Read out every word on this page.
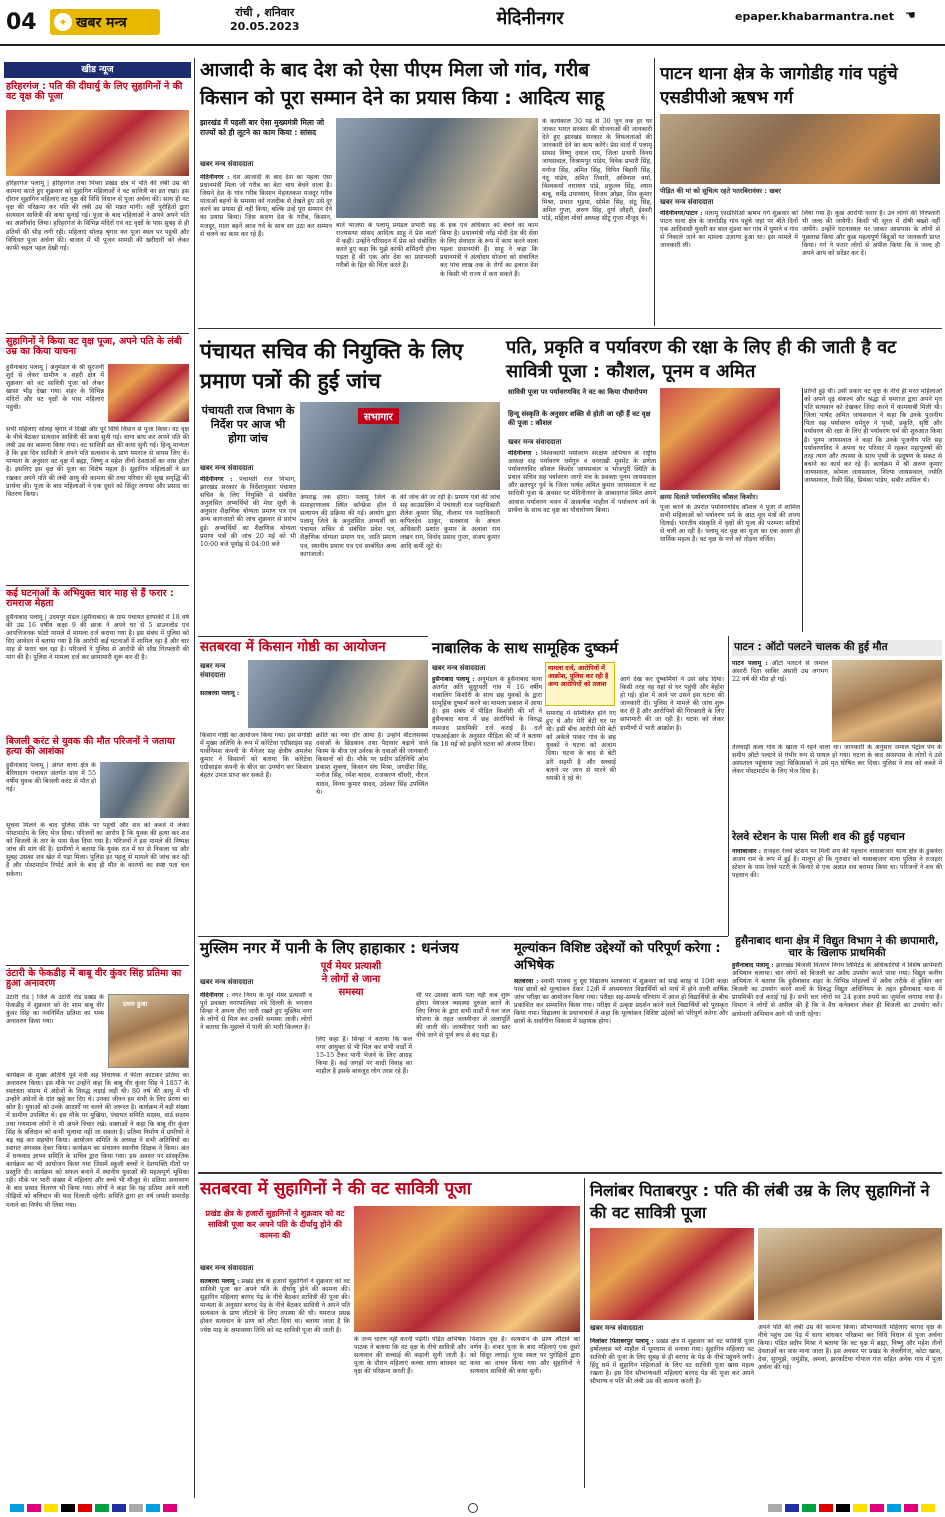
04	✦ खबर मन्त्र
रांची , शनिवार
20.05.2023	मेदिनीनगर	epaper.khabarmantra.net ☚
खीड न्यूज
हरिहरगंज : पति की दीघार्यु के लिए सुहागिनों ने की वट वृक्ष की पूजा
हरिहरगंज पलामू | हरिहरगंज तथा पिपरा प्रखंड क्षेत्र में पति की लंबी उम्र की कामना करते हुए शुक्रवार को सुहागिन महिलाओं ने वट सावित्री का व्रत रखा। इस दौरान सुहागिन महिलाएं वट वृक्ष की विधि विधान से पूजा अर्चना की। साथ ही वट वृक्ष की परिक्रमा कर पति की लंबी उम्र की मन्नत मांगी। वहीं पुरोहितों द्वारा सत्यवान सावित्री की कथा सुनाई गई। पूजा के बाद महिलाओं ने अपने अपने पति का आशीर्वाद लिया। हरिहरगंज के विभिन्न मंदिरों एवं वट वृक्षों के पास सुबह से ही व्रतियों की भीड़ लगी रही। महिलाएं सोलह श्रृंगार कर पूजा स्थल पर पहुंची और विधिवत पूजा अर्चना की। बाजार में भी पूजन सामग्री की खरीदारी को लेकर काफी चहल पहल देखी गई।
सुहागिनों ने किया वट वृक्ष पूजा, अपने पति के लंबी उम्र का किया याचना
हुसैनाबाद पलामू | अनुमंडल के श्री सूरजनी शुर्द से लेकर ग्रामीण व शहरी क्षेत्र में शुक्रवार को वट सावित्री पूजा को लेकर खासा भीड़ देखा गया। शहर के विभिन्न मंदिरों और वट वृक्षों के पास महिलाएं पहुंची।
सभी महिलाएं सोलह श्रृंगार में दिखीं और पूरे विधि विधान से पूजा किया। वट वृक्ष के नीचे बैठकर सत्यवान सावित्री की कथा सुनी गई। धागा बांध कर अपने पति की लंबी उम्र का कामना किया गया। वट सावित्री व्रत की कथा सुनी गई। हिन्दू मान्यता है कि इस दिन सावित्री ने अपने पति सत्यवान के प्राण यमराज से वापस लिए थे। मान्यता के अनुसार वट वृक्ष में ब्रह्मा, विष्णु व महेश तीनों देवताओं का वास होता है। इसलिए इस वृक्ष की पूजा का विशेष महत्व है। सुहागिन महिलाओं ने व्रत रखकर अपने पति की लंबी आयु की कामना की तथा परिवार की सुख समृद्धि की प्रार्थना की। पूजा के बाद महिलाओं ने एक दूसरे को सिंदूर लगाया और प्रसाद का वितरण किया।
कई घटनाओं के अभियुक्त चार माह से हैं फरार : रामराज मेहता
हुसैनाबाद पलामू | उदयपुर मंडल (हुसैनाबाद) के ग्राम पंचायत हरपाकी में 18 वर्ष की उम्र 16 वर्षीय कक्षा 9 की छात्रा ने अपने घर से 5 डाउनलोड एवं आपत्तिजनक फोटो मामले में मामला दर्ज कराया गया है। इस संबंध में पुलिस को दिए आवेदन में बताया गया है कि आरोपी कई घटनाओं में शामिल रहा है और चार माह से फरार चल रहा है। परिजनों ने पुलिस से आरोपी की शीघ्र गिरफ्तारी की मांग की है। पुलिस ने मामला दर्ज कर छापामारी शुरू कर दी है।
बिजली करंट से युवक की मौत परिजनों ने जताया हत्या की आशंका
हुसैनाबाद पलामू | अंगत थाना क्षेत्र के बैरियादाग पंचायत अंतर्गत ग्राम में 55 वर्षीय युवक की बिजली करंट से मौत हो गई।
सूचना मिलने के बाद पुलिस मौके पर पहुंची और शव को कब्जे में लेकर पोस्टमार्टम के लिए भेज दिया। परिजनों का आरोप है कि युवक की हत्या कर शव को बिजली के तार के पास फेंक दिया गया है। परिजनों ने इस मामले की निष्पक्ष जांच की मांग की है। ग्रामीणों ने बताया कि युवक रात में घर से निकला था और सुबह उसका शव खेत में पड़ा मिला। पुलिस हर पहलू से मामले की जांच कर रही है और पोस्टमार्टम रिपोर्ट आने के बाद ही मौत के कारणों का स्पष्ट पता चल सकेगा।
उंटारी के फेकडीह में बाबू वीर कुंवर सिंह प्रतिमा का हुआ अनावरण
उंटारी रोड | जिले के उंटारी रोड प्रखंड के फेकडीह में शुक्रवार को देर शाम बाबू वीर कुंवर सिंह का नवनिर्मित प्रतिमा का भव्य अनावरण किया गया।
प्रथम हुआ
कार्यक्रम के मुख्य अतिथि पूर्व मंत्री सह विधायक ने फीता काटकर प्रतिमा का अनावरण किया। इस मौके पर उन्होंने कहा कि बाबू वीर कुंवर सिंह ने 1857 के स्वतंत्रता संग्राम में अंग्रेजों के विरुद्ध लड़ाई लड़ी थी। 80 वर्ष की आयु में भी उन्होंने अंग्रेजों के दांत खट्टे कर दिए थे। उनका जीवन हम सभी के लिए प्रेरणा का स्रोत है। युवाओं को उनके आदर्शों पर चलने की जरूरत है। कार्यक्रम में बड़ी संख्या में ग्रामीण उपस्थित थे। इस मौके पर मुखिया, पंचायत समिति सदस्य, वार्ड सदस्य तथा गणमान्य लोगों ने भी अपने विचार रखे। वक्ताओं ने कहा कि बाबू वीर कुंवर सिंह के बलिदान को कभी भुलाया नहीं जा सकता है। प्रतिमा निर्माण में ग्रामीणों ने बढ़ चढ़ कर सहयोग किया। आयोजन समिति के अध्यक्ष ने सभी अतिथियों का स्वागत अंगवस्त्र देकर किया। कार्यक्रम का संचालन स्थानीय शिक्षक ने किया। अंत में धन्यवाद ज्ञापन समिति के सचिव द्वारा किया गया। इस अवसर पर सांस्कृतिक कार्यक्रम का भी आयोजन किया गया जिसमें स्कूली बच्चों ने देशभक्ति गीतों पर प्रस्तुति दी। कार्यक्रम को सफल बनाने में स्थानीय युवाओं की महत्वपूर्ण भूमिका रही। मौके पर भारी संख्या में महिलाएं और बच्चे भी मौजूद थे। प्रतिमा अनावरण के बाद प्रसाद वितरण भी किया गया। लोगों ने कहा कि यह प्रतिमा आने वाली पीढ़ियों को बलिदान की याद दिलाती रहेगी। समिति द्वारा हर वर्ष जयंती समारोह मनाने का निर्णय भी लिया गया।
आजादी के बाद देश को ऐसा पीएम मिला जो गांव, गरीब
किसान को पूरा सम्मान देने का प्रयास किया : आदित्य साहू
झारखंड में पहली बार ऐसा मुख्यमंत्री मिला जो राज्यों को ही लूटने का काम किया : सांसद
खबर मन्त्र संवाददाता
मेदिनीनगर : देश आजादी के बाद देश का पहला ऐसा प्रधानमंत्री मिला जो गरीब का बेटा चाय बेचने वाला है। जिसने देश के गांव गरीब किसान मेहनतकश मजदूर गरीब माताओं बहनों के समस्या को नजदीक से देखते हुए उसे दूर करने का प्रयास ही नहीं किया, बल्कि उन्हें पूरा सम्मान देने का प्रयास किया। जिस कारण देश के गरीब, किसान, मजदूर, माता बहनें आज गर्व के साथ सर उठा कर सम्मान से चलने का काम कर रहे हैं।
बातें भाजपा के पलामू प्रमंडल प्रभारी सह राज्यसभा सांसद आदित्य साहू ने प्रेस वार्ता में कही। उन्होंने परिसदन में प्रेस को संबोधित करते हुए कहा कि मुझे काफी शर्मिंदगी होना पड़ता है की एक ओर देश का प्रधानमंत्री गरीबों के हित की चिंता करते हैं।
के हक एवं अधिकार को बेचने का काम किया है। प्रधानमंत्री नरेंद्र मोदी देश की सेवा के लिए सेवादार के रूप में काम करने वाला पहला प्रधानमंत्री हैं। साहू ने कहा कि प्रधानमंत्री ने अंत्योदय योजना को संचालित कर पांच लाख तक के रोगों का इलाज देश के किसी भी राज्य में करा सकते हैं।
के कार्यकाल 30 मई से 30 जून तक हर घर जाकर भारत सरकार की योजनाओं की जानकारी देते हुए झारखंड सरकार के विफलताओं की जानकारी देने का काम करेंगे। प्रेस वार्ता में पलामू सांसद विष्णु दयाल राम, जिला प्रभारी विनय जायसवाल, विश्रामपुर पांडेय, विवेक प्रभारी सिंह, मनोज सिंह, अमित सिंह, विपिन बिहारी सिंह, नंदू पांडेय, अमित तिवारी, अविनाश वर्मा, विश्वकर्मा नारायण पांडे, प्रफुल्ल सिंह, श्याम बाबू, धर्मेंद्र उपाध्याय, विजय ओझा, शिव कुमार मिश्रा, प्रभात भुइया, सोमेश सिंह, संटू सिंह, अमित गुप्ता, अरुण सिंह, दुर्गा जौहरी, ईश्वरी पांडे, महिला मोर्चा अध्यक्ष सीटू गुप्ता मौजूद थे।
पाटन थाना क्षेत्र के जागोडीह गांव पहुंचे एसडीपीओ ऋषभ गर्ग
पीड़ित की मां को सूचित्य रहते पतरबिरावंवर : खबर
खबर मन्त्र संवाददाता
मेदिनीनगर/पाटन : पलामू एसडीपीओ ऋषभ गर्ग शुक्रवार को पाटन थाना क्षेत्र के जागोडीह गांव पहुंचे जहां पर बीते दिनों एक आदिवासी युवती का बाल मुंडवा कर गांव में घुमाने व गांव से निकाले जाने का मामला उजागर हुआ था। इस मामले में जानकारी ली।
लिया गया है। कुछ आरोपी फरार है। उन लोगों की गिरफ्तारी भी जल्द की जायेगी। किसी भी सूरत में दोषी बख्शे नहीं जायेंगे। उन्होंने घटनास्थल पर जाकर आसपास के लोगों से पूछताछ किया और कुछ महत्वपूर्ण बिंदुओं पर जानकारी प्राप्त किया। गर्ग ने फरार लोगों से अपील किया कि वे जल्द ही अपने आप को सरेंडर कर दें।
पंचायत सचिव की नियुक्ति के लिए प्रमाण पत्रों की हुई जांच
पंचायती राज विभाग के निर्देश पर आज भी होगा जांच
सभागार
खबर मन्त्र संवाददाता
मेदिनीनगर : पंचायती राज विभाग, झारखंड सरकार के निर्देशानुसार पंचायत सचिव के लिए नियुक्ति से संबंधित अनुशंसित अभ्यर्थियों की मेधा सूची के अनुसार शैक्षणिक योग्यता प्रमाण पत्र एवं अन्य कागजातों की जांच शुक्रवार से प्रारंभ हुई। अभ्यर्थियों का शैक्षणिक योग्यता प्रमाण पत्रों की जांच 20 मई को भी 10:00 बजे पूर्वाह्न से 04:00 बजे
अपराह्न तक होगा। पलामू जिले के समाहरणालय स्थित कॉन्फ्रेंस हॉल में सत्यापन की प्रक्रिया की गई। आयोग द्वारा पलामू जिले के अनुशंसित अभ्यर्थी का पंचायत सचिव से संबंधित प्रवेश पत्र, शैक्षणिक योग्यता प्रमाण पत्र, जाति प्रमाण पत्र, स्थानीय प्रमाण पत्र एवं सम्बंधित अन्य कागजातों।
की जांच की जा रही है। प्रमाण पत्रों की जांच सह काउंसलिंग में पंचायती राज पदाधिकारी शैलेश कुमार सिंह, नीलाम पत्र पदाधिकारी कपिलदेव ठाकुर, सतबरवा के अंचल अधिकारी प्रशांत कुमार के अलावा राम लखन राम, विनोद प्रसाद गुप्ता, संजय कुमार आदि कर्मी जुटे थे।
पति, प्रकृति व पर्यावरण की रक्षा के लिए ही की जाती है वट सावित्री पूजा : कौशल, पूनम व अमित
सावित्री पूजा पर पर्यावरणविद ने वट का किया पौधारोपण
हिन्दू संस्कृति के अनुसार शक्ति से होती जा रही हैं वट वृक्ष की पूजा : कौशल
छाया दिलाते पर्यावरणविद कौशल किशोर।
खबर मन्त्र संवाददाता
मेदिनीनगर : विश्वव्यापी पर्यावरण संरक्षण अभियान के राष्ट्रीय अध्यक्ष सह पर्यावरण धर्मगुरु व वनराखी मूवमेंट के प्रणेता पर्यावरणविद कौशल किशोर जायसवाल व भोजपुरी स्थिति के प्रधान सचिव सह पर्यावरण जागो मंच के प्रवक्ता पूनम जायसवाल और छतरपुर पूर्व के जिला पार्षद अमित कुमार जायसवाल ने वट सावित्री पूजा के अवसर पर मेदिनीनगर के आबादगंज स्थित अपने आवास पर्यावरण भवन में आकर्षक माहौल में पर्यावरण धर्म के प्रार्थना के साथ वट वृक्ष का पौधारोपण किया।	पूजा करने के उपरांत पर्यावरणविद कौशल ने पूजा में शामिल सभी महिलाओं को पर्यावरण धर्म के आठ मूल मंत्रों की शपथ दिलाई। भारतीय संस्कृति में वृक्षों की पूजा की परम्परा सदियों से चली आ रही है। पलामू वट वृक्ष का पूजा का एक अलग ही धार्मिक महत्व है। वट वृक्ष के पत्ते को तोड़ना वर्जित।
प्राप्ति हुई थी। उसी प्रकार वट वृक्ष के नीचे ही मरत महिलाओं को अपने दृढ़ संकल्प और श्रद्धा से यमराज द्वारा अपने मृत पति सत्यवान को देखकर जिंदा करने में कामयाबी मिली थी। जिला पार्षद अमित जायसवाल ने कहा कि उनके पूजनीय पिता सह पर्यावरण धर्मगुरु ने पृथ्वी, प्रकृति, सृष्टि और पर्यावरण की रक्षा के लिए ही पर्यावरण धर्म की शुरुआत किया है। पूनम जायसवाल ने कहा कि उनके पूजनीय पति सह पर्यावरणविद ने अपना घर परिवार में रहकर महापुरुषों की तरह त्याग और तपस्या के साथ पृथ्वी के प्रदूषण के संकट से बचाने का कार्य कर रहे हैं। कार्यक्रम में श्री अरुण कुमार जायसवाल, कोमल जायसवाल, शिल्पा जायसवाल, ज्योति जायसवाल, रिकी सिंह, प्रियंका पांडेय, सबीर शामिल थे।
सतबरवा में किसान गोष्ठी का आयोजन
खबर मन्त्र संवाददाता
सतबरवा पलामू :
किसान गोष्ठी का आयोजन किया गया। इस संगोष्ठी में मुख्य अतिथि के रूप में कोरेटेवा एग्रीसाइंस सह पार्वनिमश कंपनी के मैनेजर सह क्षेत्रीय अमलेश कुमार ने किसानों को बताया कि कोरेटेवा एग्रीसाइंस कंपनी के बीज का उपयोग कर किसान बेहतर उपज प्राप्त कर सकते हैं।
क्रांति का नया दौर आया है। उन्होंने बीटलसक्स दवाओं के छिड़काव तथा पैदावार बढ़ाने वाले किस्म के बीज एवं उर्वरक के दवाओं की जानकारी किसानों को दी। मौके पर प्रदीप प्रतिनिधि ओम प्रकाश शुक्ला, किसान संघ मिश्रा, जगदीश सिंह, मनोज सिंह, रमेश यादव, राजकरण चौधरी, नीरज यादव, विनय कुमार यादव, उदेश्वर सिंह उपस्थित थे।
नाबालिक के साथ सामूहिक दुष्कर्म
मामला दर्ज, आरोपियों में आक्रोश, पुलिस कर रही है अन्य आरोपियों को तलाश
खबर मन्त्र संवाददाता
हुसैनाबाद पलामू : अनुमंडल के हुसैनाबाद थाना अंतर्गत अति सुदूरवर्ती गांव में 16 वर्षीय नाबालिग किशोरी के साथ छह युवकों के द्वारा सामूहिक दुष्कर्म करने का मामला प्रकाश में आया है। इस संबंध में पीड़ित किशोरी की माँ ने हुसैनाबाद थाना में छह आरोपियों के विरुद्ध नामजद प्राथमिकी दर्ज कराई है। दर्ज एफआईआर के अनुसार पीड़िता की माँ ने बताया कि 18 मई को इन्होंने घटना को अंजाम दिया।
समारोह में सम्मिलित होने गए हुए थे और मेरी बेटी घर पर थी। इसी बीच आरोपी मेरी बेटी को अकेले पाकर गांव के छह युवकों ने घटना को अंजाम दिया। घटना के बाद से बेटी डरी सहमी है और सच्चाई बताने पर जान से मारने की धमकी दे रहे थे।
आगे देख कर दुष्कर्मियों ने उसे छोड़ दिया। किसी तरह वह वहां से घर पहुंची और बेहोश हो गई। होश में आने पर उसने इस घटना की जानकारी दी। पुलिस ने मामले की जांच शुरू कर दी है और आरोपियों की गिरफ्तारी के लिए छापामारी की जा रही है। घटना को लेकर ग्रामीणों में भारी आक्रोश है।
पाटन : ऑटो पलटने चालक की हुई मौत
पाटन पलामू : ऑटो पलटने से जमाल अंसारी पिता साबिर अंसारी उम्र लगभग 22 वर्ष की मौत हो गई।
तेलवाड़ी कला गांव के खाता में रहने वाला था। जानकारी के अनुसार जमाल पेट्रोल पंप के समीप ऑटो पलटने से गंभीर रूप से घायल हो गया। घटना के बाद आसपास के लोगों ने उसे अस्पताल पहुंचाया जहां चिकित्सकों ने उसे मृत घोषित कर दिया। पुलिस ने शव को कब्जे में लेकर पोस्टमार्टम के लिए भेज दिया है।
रेलवे स्टेशन के पास मिली शव की हुई पहचान
नावाबाजार : राजहरा रेलवे स्टेशन पर मिली शव की पहचान नावाबाजार थाना क्षेत्र के डुकवेरा अजय राम के रूप में हुई है। मालूम हो कि गुरुवार को नावाबाजार थाना पुलिस ने राजहरा स्टेशन के पास रेलवे पटरी के किनारे से एक अज्ञात शव बरामद किया था। परिजनों ने शव की पहचान की।
हुसैनाबाद थाना क्षेत्र में विद्युत विभाग ने की छापामारी, चार के खिलाफ प्राथमिकी
हुसैनाबाद पलामू : झारखंड बिजली वितरण निगम लिमिटेड के अधिकारियों ने विशेष छापेमारी अभियान चलाया। चार लोगों को बिजली का अवैध उपयोग करते पाया गया। विद्युत कनीय अभियंता ने बताया कि हुसैनाबाद शहर के विभिन्न मोहल्लों में अवैध तरीके से हुकिंग कर बिजली का उपयोग करने वालों के विरुद्ध विद्युत अधिनियम के तहत हुसैनाबाद थाना में प्राथमिकी दर्ज कराई गई है। सभी चार लोगों पर 24 हजार रुपये का जुर्माना लगाया गया है। विभाग ने लोगों से अपील की है कि वे वैध कनेक्शन लेकर ही बिजली का उपयोग करें। छापेमारी अभियान आगे भी जारी रहेगा।
मुस्लिम नगर में पानी के लिए हाहाकार : धनंजय
पूर्व मेयर प्रत्याशी ने लोगों से जाना समस्या
खबर मन्त्र संवाददाता
मेदिनीनगर : नगर निगम के पूर्व मेयर प्रत्याशी व पूर्व प्रवक्ता नगरपालिका नये दिल्ली के भगवान सिन्हा ने अपना दौरा जारी रखते हुए मुस्लिम नगर के लोगों से मिल कर उनकी समस्या जानी। लोगों ने बताया कि मुहल्ले में पानी की भारी किल्लत है।
लिए कहा है। सिन्हा ने बताया कि कल नगर आयुक्त से भी मिल कर सभी वार्डों में 15-15 टैंकर पानी भेजने के लिए आग्रह किया है। कई जगहों पर शादी विवाह का माहौल है इसके बावजूद लोग तरस रहे हैं।
थी पर उसका कार्य पता नहीं कब शुरू होगा। पेयजल व्यवस्था दुरुस्त करने के लिए निगम के द्वारा सभी वार्डों में नल जल योजना के तहत जलमीनार से जलापूर्ति की जाती थी। जलमीनार पानी का स्तर नीचे जाने से पूर्ण रूप से बंद पड़ा है।
मूल्यांकन विशिष्ट उद्देश्यों को परिपूर्ण करेगा : अभिषेक
सतबरवा : स्वामी पालस नु दूध विद्यालय सतबरवा में शुक्रवार को साढ़े बारह से 10वीं कक्षा पास छात्रों को मूल्यांकन देकर 12वीं में अध्ययनरत विद्यार्थियों को मार्च में होने वाली वार्षिक जांच परीक्षा का आयोजन किया गया। परीक्षा सह-सम्पर्क परिणाम में आज हो विद्यार्थियों के बीच प्रकाशित कर सम्मानित किया गया। परीक्षा में उत्कृष्ट प्रदर्शन करने वाले विद्यार्थियों को पुरस्कृत किया गया। विद्यालय के प्रधानाचार्य ने कहा कि मूल्यांकन विशिष्ट उद्देश्यों को परिपूर्ण करेगा और छात्रों के सर्वांगीण विकास में सहायक होगा।
सतबरवा में सुहागिनों ने की वट सावित्री पूजा
प्रखंड क्षेत्र के हजारों सुहागिनों ने शुक्रवार को वट सावित्री पूजा कर अपने पति के दीर्घायु होने की कामना की
खबर मन्त्र संवाददाता
सतबरवा पलामू : प्रखंड क्षेत्र के हजारों सुहागिनों ने शुक्रवार को वट सावित्री पूजा कर अपने पति के दीर्घायु होने की कामना की। सुहागिन महिलाएं बरगद पेड़ के नीचे बैठकर सावित्री की पूजा की। मान्यता के अनुसार बरगद पेड़ के नीचे बैठकर सावित्री ने अपने पति सत्यवान के प्राण लौटाने के लिए तपस्या की थी। यमराज प्रसन्न होकर सत्यवान के प्राण को लौटा दिया था। बताया जाता है कि ज्येष्ठ माह के अमावस्या तिथि को वट सावित्री पूजा की जाती है।
के जन्म धारण नहीं करनी पड़ेगी। पंडित अभिषेक पाठक ने बताया कि वट वृक्ष के नीचे सावित्री और सत्यवान की सच्चाई की कहानी सुनी जाती है। पूजा के दौरान महिलाएं कच्चा धागा बांधकर वट वृक्ष की परिक्रमा करती हैं।
विशाल वृक्ष है। सत्यवान के प्राण लौटाने का वर्णन है। शंकर पूजा के बाद महिलाएं एक दूसरे को सिंदूर लगाई। पूजा स्थल पर पुरोहितों द्वारा कथा का वाचन किया गया और सुहागिनों ने सत्यवान सावित्री की कथा सुनी।
निलांबर पिताबरपुर : पति की लंबी उम्र के लिए सुहागिनों ने की वट सावित्री पूजा
खबर मन्त्र संवाददाता
निलांबर पिताबरपुर पलामू : प्रखंड क्षेत्र में शुक्रवार को वट सावित्री पूजा हर्षोल्लास भरे माहौल में धूमधाम से मनाया गया। सुहागिन महिलाएं वट सावित्री की पूजा के लिए सुबह से ही बरगद के पेड़ के नीचे पहुंचने लगी। हिंदू धर्म में सुहागिन महिलाओं के लिए वट सावित्री पूजा खास महत्व रखता है। इस दिन सौभाग्यवती महिलाएं बरगद पेड़ की पूजा कर अपने सौभाग्य व पति की लंबी उम्र की कामना करती हैं।
अपने पति की लंबी उम्र की कामना किया। सौभाग्यवती महिलाएं बरगद वृक्ष के नीचे पहुंच उस पेड़ में धागा बांधकर परिक्रमा कर विधि विधान से पूजा अर्चना किया। पंडित प्रदीप मिश्रा ने बताया कि वट वृक्ष में ब्रह्मा, विष्णु और महेश तीनों देवताओं का वास माना जाता है। इस अवसर पर प्रखंड के लेस्लीगंज, कोटा खास, देवा, सुरमुझे, जमुंडीह, अमवा, झरकटिया गोपाल गंज सहित अनेक गांव में पूजा अर्चना की गई।
